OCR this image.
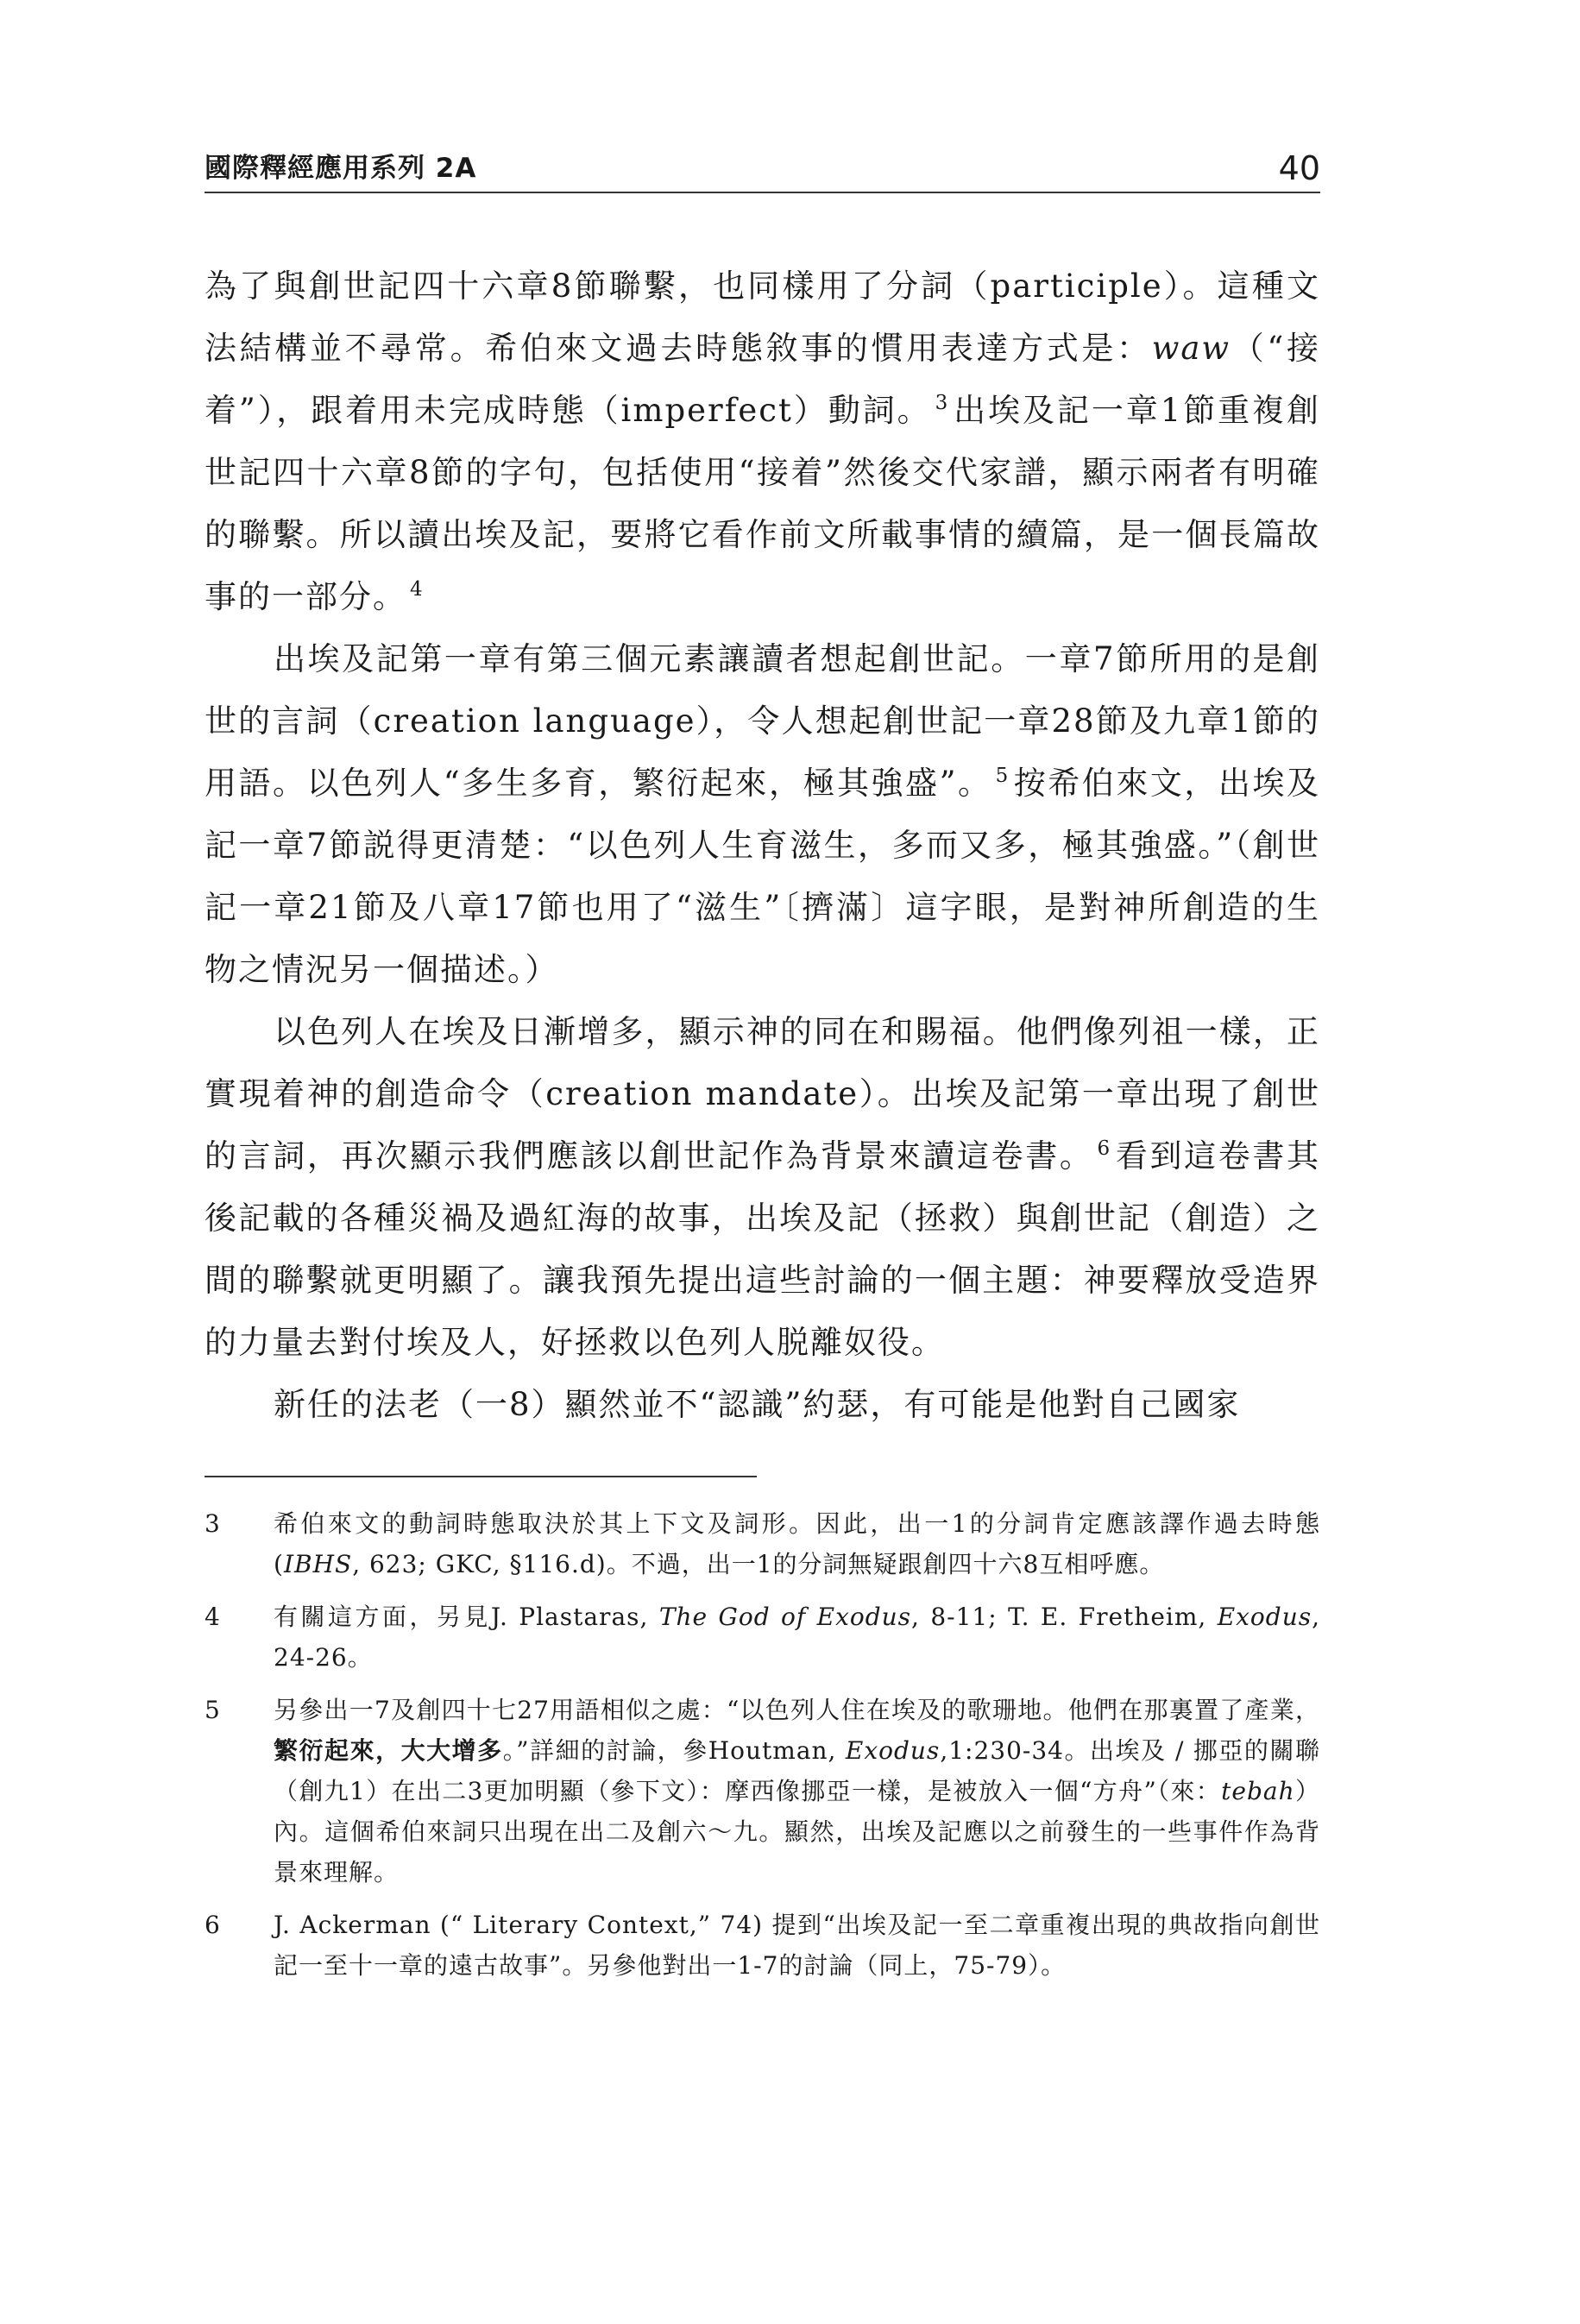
國際釋經應用系列 2A	40

為了與創世記四十六章8節聯繫，也同樣用了分詞（participle）。這種文法結構並不尋常。希伯來文過去時態敘事的慣用表達方式是：waw（“接着”），跟着用未完成時態（imperfect）動詞。 $^3$ 出埃及記一章1節重複創世記四十六章8節的字句，包括使用“接着”然後交代家譜，顯示兩者有明確的聯繫。所以讀出埃及記，要將它看作前文所載事情的續篇，是一個長篇故事的一部分。 $^4$

出埃及記第一章有第三個元素讓讀者想起創世記。一章7節所用的是創世的言詞（creation language），令人想起創世記一章28節及九章1節的用語。以色列人“多生多育，繁衍起來，極其強盛”。 $^5$ 按希伯來文，出埃及記一章7節説得更清楚：“以色列人生育滋生，多而又多，極其強盛。”（創世記一章21節及八章17節也用了“滋生”〔擠滿〕這字眼，是對神所創造的生物之情況另一個描述。）

以色列人在埃及日漸增多，顯示神的同在和賜福。他們像列祖一樣，正實現着神的創造命令（creation mandate）。出埃及記第一章出現了創世的言詞，再次顯示我們應該以創世記作為背景來讀這卷書。 $^6$ 看到這卷書其後記載的各種災禍及過紅海的故事，出埃及記（拯救）與創世記（創造）之間的聯繫就更明顯了。讓我預先提出這些討論的一個主題：神要釋放受造界的力量去對付埃及人，好拯救以色列人脱離奴役。

新任的法老（一8）顯然並不“認識”約瑟，有可能是他對自己國家

3	希伯來文的動詞時態取決於其上下文及詞形。因此，出一1的分詞肯定應該譯作過去時態 (IBHS, 623; GKC, §116.d)。不過，出一1的分詞無疑跟創四十六8互相呼應。
4	有關這方面，另見J. Plastaras, The God of Exodus, 8-11; T. E. Fretheim, Exodus, 24-26。
5	另參出一7及創四十七27用語相似之處：“以色列人住在埃及的歌珊地。他們在那裏置了產業，繁衍起來，大大增多。”詳細的討論，參Houtman, Exodus,1:230-34。出埃及 / 挪亞的關聯（創九1）在出二3更加明顯（參下文）：摩西像挪亞一樣，是被放入一個“方舟”（來：tebah）內。這個希伯來詞只出現在出二及創六～九。顯然，出埃及記應以之前發生的一些事件作為背景來理解。
6	J. Ackerman (“ Literary Context,” 74) 提到“出埃及記一至二章重複出現的典故指向創世記一至十一章的遠古故事”。另參他對出一1-7的討論（同上，75-79）。
